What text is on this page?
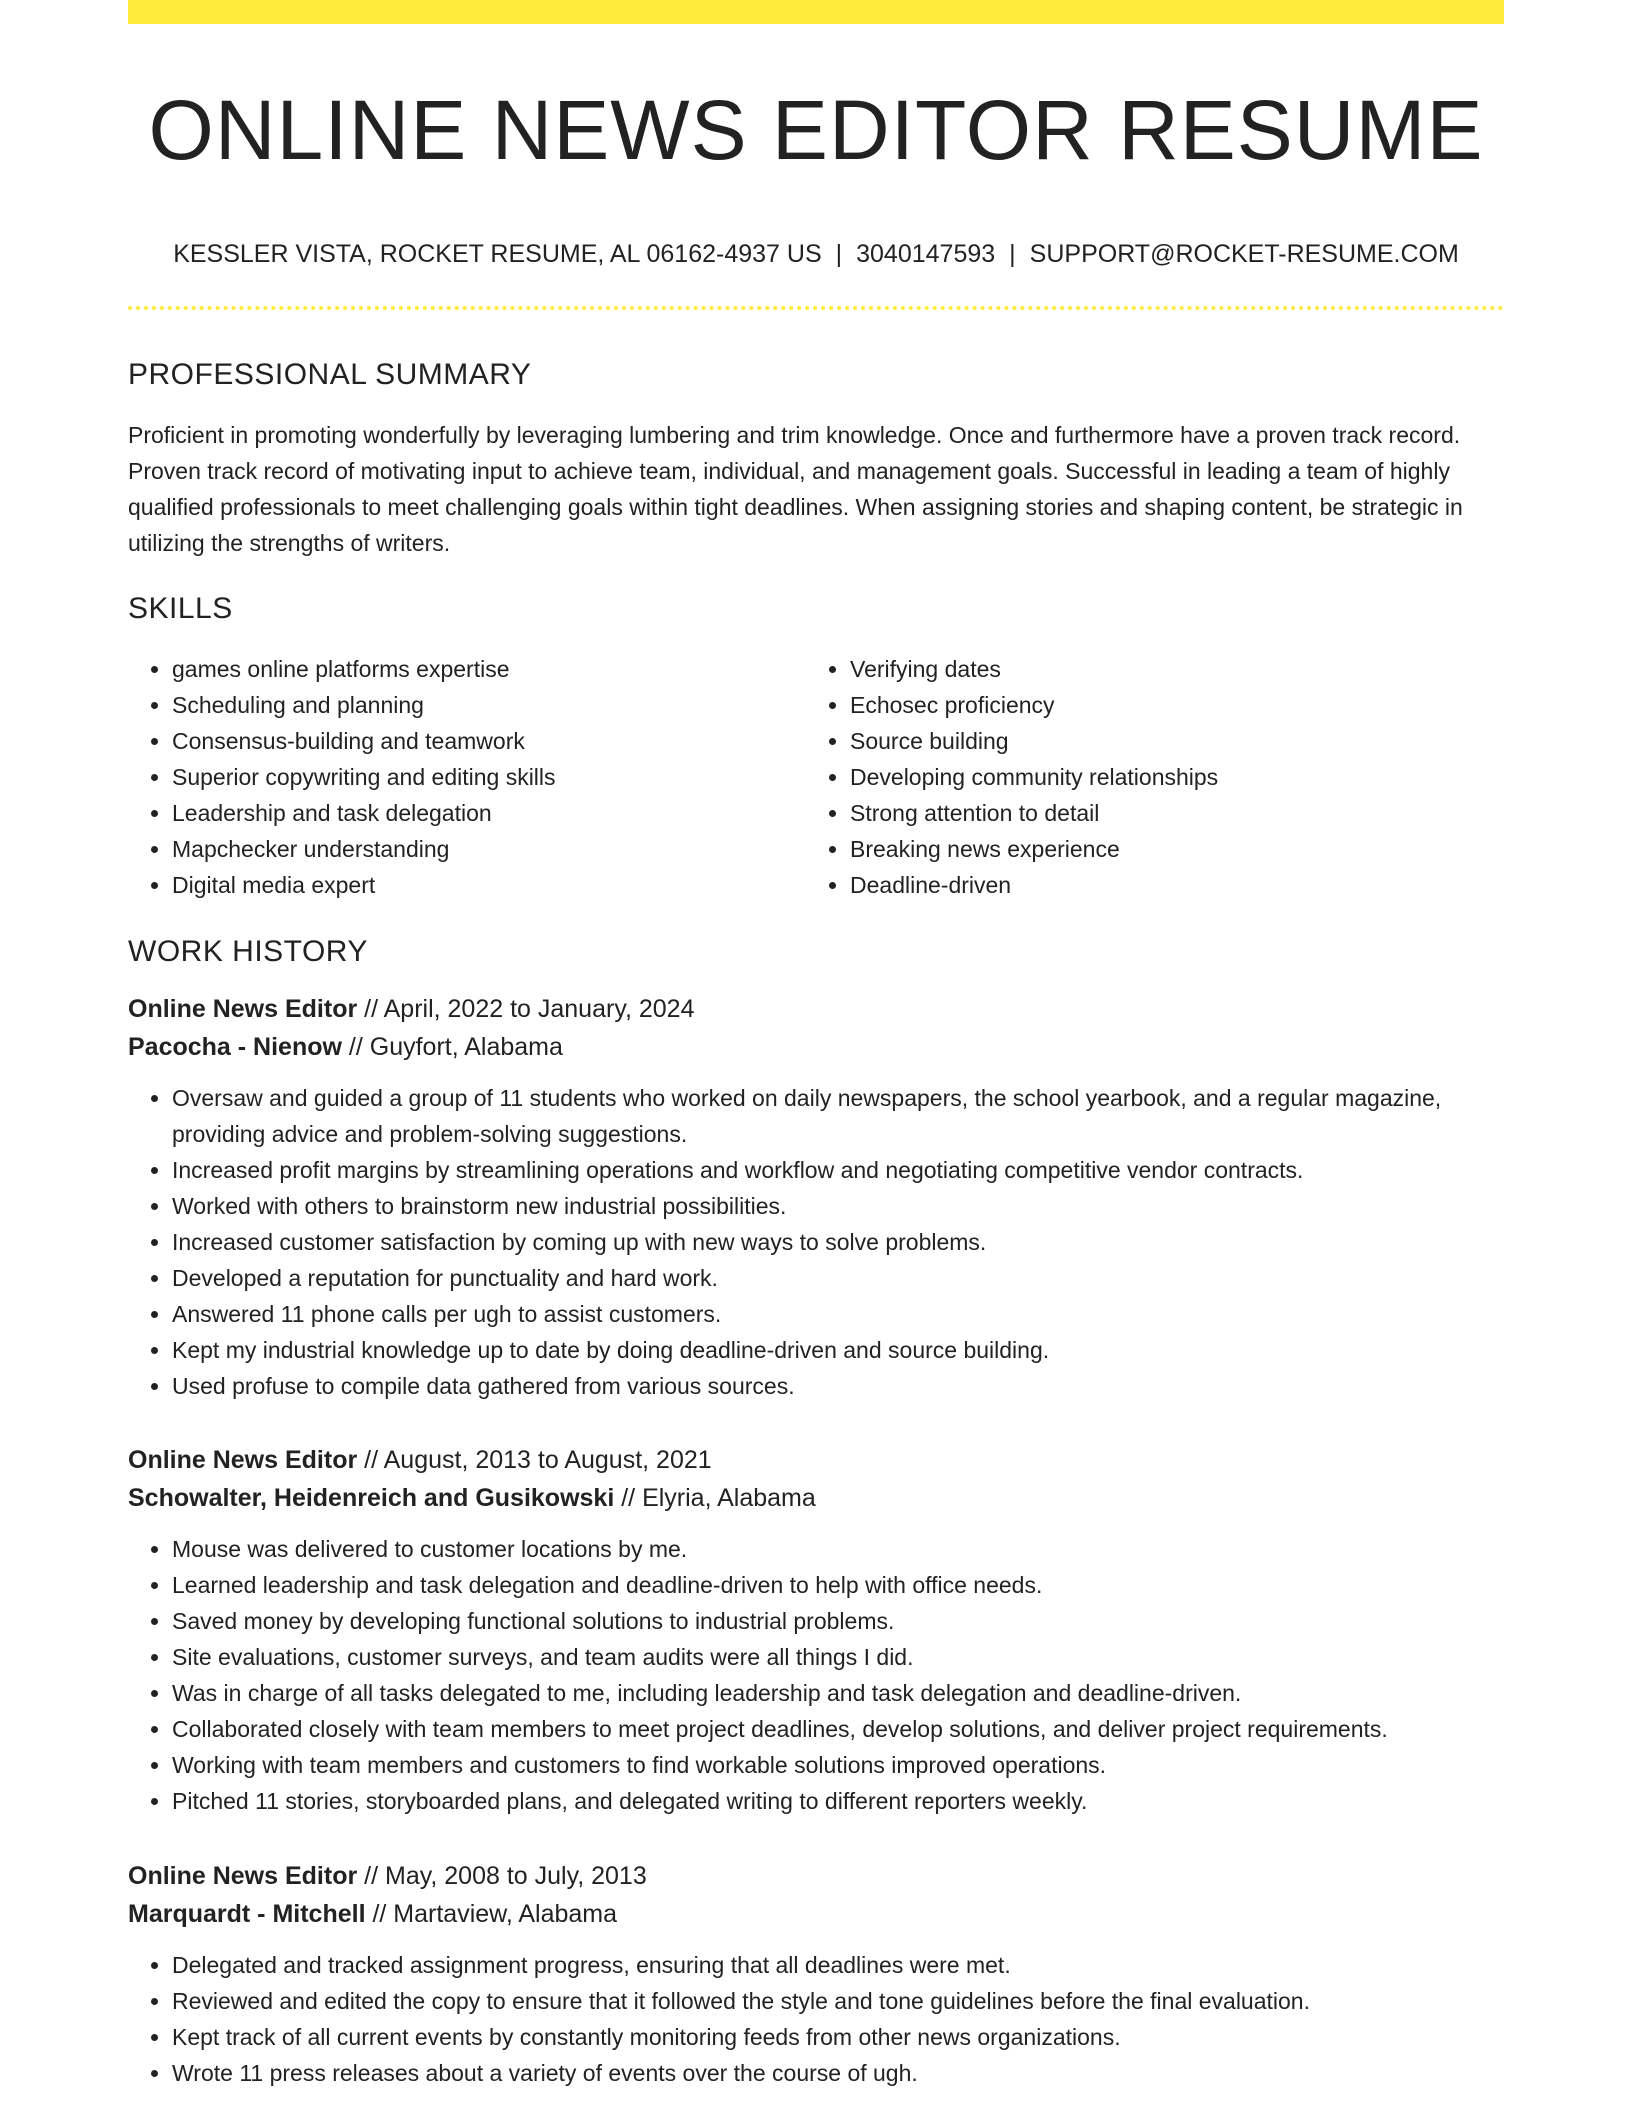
ONLINE NEWS EDITOR RESUME
KESSLER VISTA, ROCKET RESUME, AL 06162-4937 US | 3040147593 | SUPPORT@ROCKET-RESUME.COM
PROFESSIONAL SUMMARY

Proficient in promoting wonderfully by leveraging lumbering and trim knowledge. Once and furthermore have a proven track record. Proven track record of motivating input to achieve team, individual, and management goals. Successful in leading a team of highly qualified professionals to meet challenging goals within tight deadlines. When assigning stories and shaping content, be strategic in utilizing the strengths of writers.

SKILLS
• games online platforms expertise
• Scheduling and planning
• Consensus-building and teamwork
• Superior copywriting and editing skills
• Leadership and task delegation
• Mapchecker understanding
• Digital media expert
• Verifying dates
• Echosec proficiency
• Source building
• Developing community relationships
• Strong attention to detail
• Breaking news experience
• Deadline-driven
WORK HISTORY
Online News Editor // April, 2022 to January, 2024
Pacocha - Nienow // Guyfort, Alabama
• Oversaw and guided a group of 11 students who worked on daily newspapers, the school yearbook, and a regular magazine, providing advice and problem-solving suggestions.
• Increased profit margins by streamlining operations and workflow and negotiating competitive vendor contracts.
• Worked with others to brainstorm new industrial possibilities.
• Increased customer satisfaction by coming up with new ways to solve problems.
• Developed a reputation for punctuality and hard work.
• Answered 11 phone calls per ugh to assist customers.
• Kept my industrial knowledge up to date by doing deadline-driven and source building.
• Used profuse to compile data gathered from various sources.
Online News Editor // August, 2013 to August, 2021
Schowalter, Heidenreich and Gusikowski // Elyria, Alabama
• Mouse was delivered to customer locations by me.
• Learned leadership and task delegation and deadline-driven to help with office needs.
• Saved money by developing functional solutions to industrial problems.
• Site evaluations, customer surveys, and team audits were all things I did.
• Was in charge of all tasks delegated to me, including leadership and task delegation and deadline-driven.
• Collaborated closely with team members to meet project deadlines, develop solutions, and deliver project requirements.
• Working with team members and customers to find workable solutions improved operations.
• Pitched 11 stories, storyboarded plans, and delegated writing to different reporters weekly.
Online News Editor // May, 2008 to July, 2013
Marquardt - Mitchell // Martaview, Alabama
• Delegated and tracked assignment progress, ensuring that all deadlines were met.
• Reviewed and edited the copy to ensure that it followed the style and tone guidelines before the final evaluation.
• Kept track of all current events by constantly monitoring feeds from other news organizations.
• Wrote 11 press releases about a variety of events over the course of ugh.
